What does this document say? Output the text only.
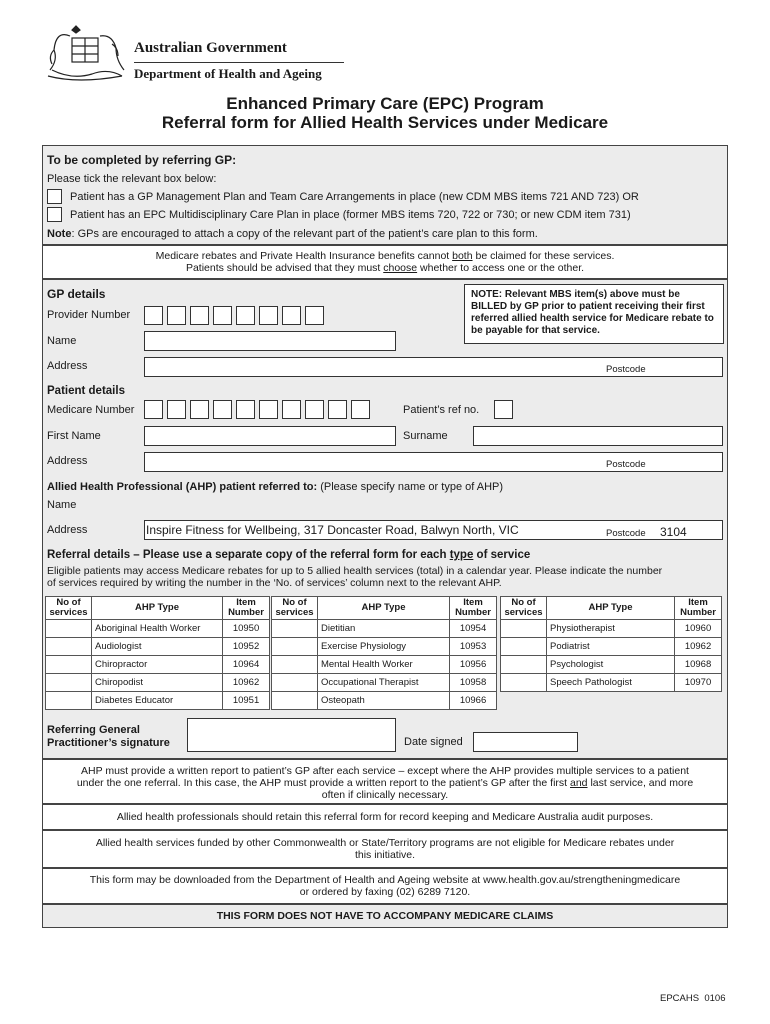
Australian Government
Department of Health and Ageing
Enhanced Primary Care (EPC) Program
Referral form for Allied Health Services under Medicare
To be completed by referring GP:
Please tick the relevant box below:
Patient has a GP Management Plan and Team Care Arrangements in place (new CDM MBS items 721 AND 723) OR
Patient has an EPC Multidisciplinary Care Plan in place (former MBS items 720, 722 or 730; or new CDM item 731)
Note: GPs are encouraged to attach a copy of the relevant part of the patient’s care plan to this form.
Medicare rebates and Private Health Insurance benefits cannot both be claimed for these services.
Patients should be advised that they must choose whether to access one or the other.
GP details
Provider Number
Name
NOTE: Relevant MBS item(s) above must be BILLED by GP prior to patient receiving their first referred allied health service for Medicare rebate to be payable for that service.
Address	Postcode
Patient details
Medicare Number	Patient’s ref no.
First Name	Surname
Address	Postcode
Allied Health Professional (AHP) patient referred to: (Please specify name or type of AHP)
Name
Address	Inspire Fitness for Wellbeing, 317 Doncaster Road, Balwyn North, VIC	Postcode 3104
Referral details – Please use a separate copy of the referral form for each type of service
Eligible patients may access Medicare rebates for up to 5 allied health services (total) in a calendar year. Please indicate the number
of services required by writing the number in the ‘No. of services’ column next to the relevant AHP.
No of services	AHP Type	Item Number
	Aboriginal Health Worker	10950
	Audiologist	10952
	Chiropractor	10964
	Chiropodist	10962
	Diabetes Educator	10951
No of services	AHP Type	Item Number
	Dietitian	10954
	Exercise Physiology	10953
	Mental Health Worker	10956
	Occupational Therapist	10958
	Osteopath	10966
No of services	AHP Type	Item Number
	Physiotherapist	10960
	Podiatrist	10962
	Psychologist	10968
	Speech Pathologist	10970
Referring General
Practitioner’s signature	Date signed
AHP must provide a written report to patient’s GP after each service – except where the AHP provides multiple services to a patient
under the one referral. In this case, the AHP must provide a written report to the patient’s GP after the first and last service, and more
often if clinically necessary.
Allied health professionals should retain this referral form for record keeping and Medicare Australia audit purposes.
Allied health services funded by other Commonwealth or State/Territory programs are not eligible for Medicare rebates under
this initiative.
This form may be downloaded from the Department of Health and Ageing website at www.health.gov.au/strengtheningmedicare
or ordered by faxing (02) 6289 7120.
THIS FORM DOES NOT HAVE TO ACCOMPANY MEDICARE CLAIMS
EPCAHS  0106
